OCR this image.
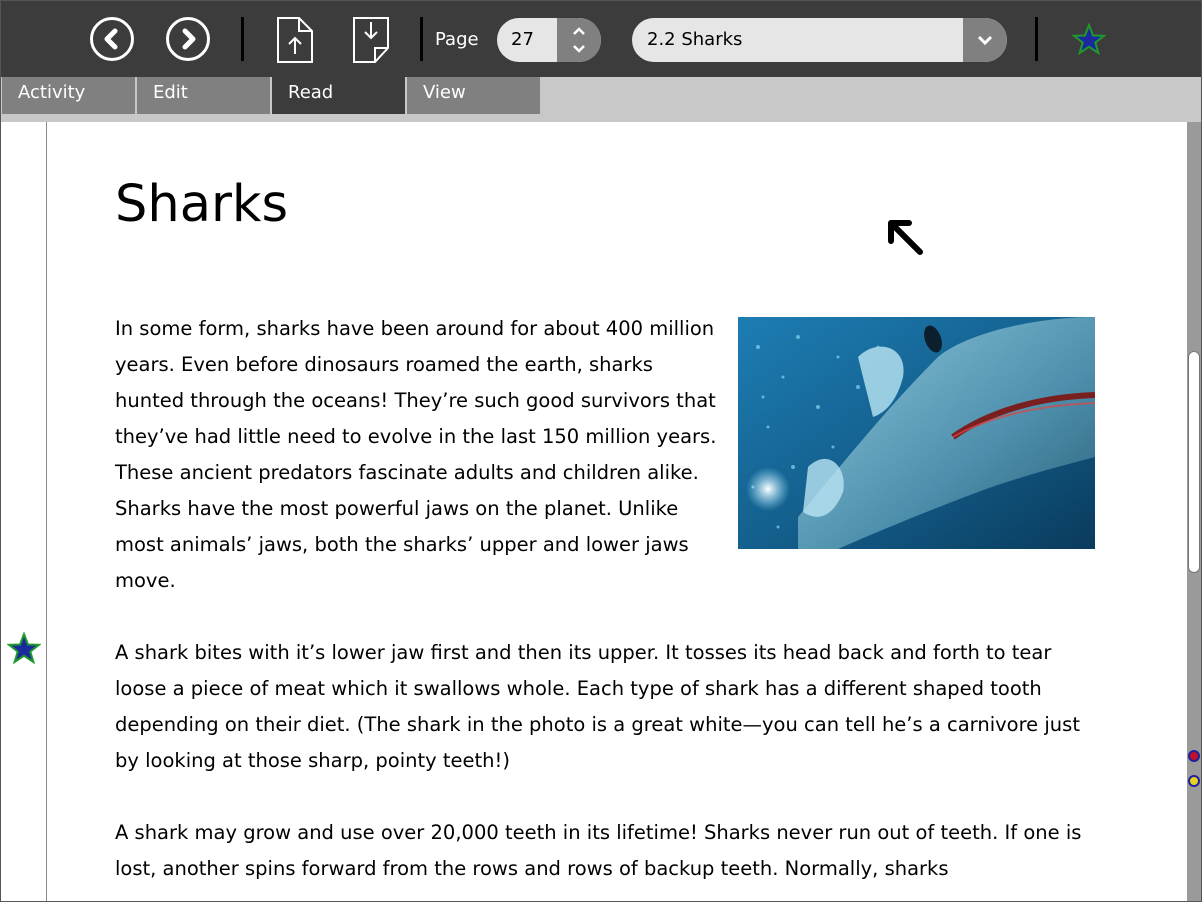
Page	27	2.2 Sharks
Activity	Edit	Read	View
Sharks

In some form, sharks have been around for about 400 million years. Even before dinosaurs roamed the earth, sharks hunted through the oceans! They’re such good survivors that they’ve had little need to evolve in the last 150 million years. These ancient predators fascinate adults and children alike. Sharks have the most powerful jaws on the planet. Unlike most animals’ jaws, both the sharks’ upper and lower jaws move.

A shark bites with it’s lower jaw first and then its upper. It tosses its head back and forth to tear loose a piece of meat which it swallows whole. Each type of shark has a different shaped tooth depending on their diet. (The shark in the photo is a great white—you can tell he’s a carnivore just by looking at those sharp, pointy teeth!)

A shark may grow and use over 20,000 teeth in its lifetime! Sharks never run out of teeth. If one is lost, another spins forward from the rows and rows of backup teeth. Normally, sharks
